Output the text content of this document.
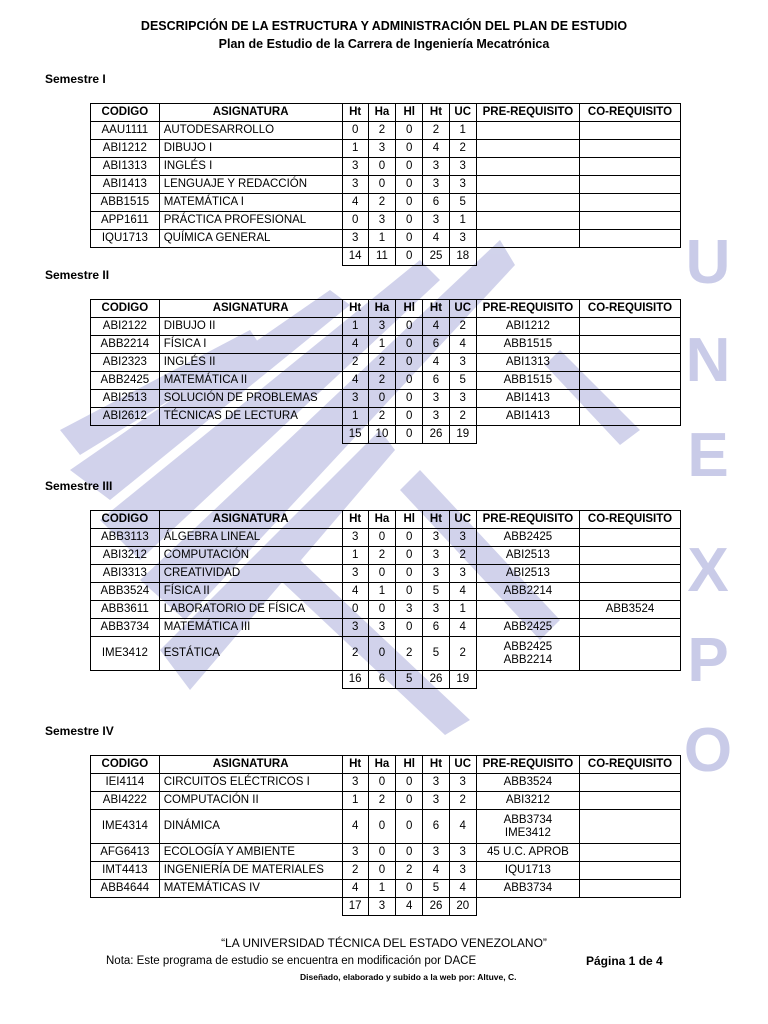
U
N
E
X
P
O
DESCRIPCIÓN DE LA ESTRUCTURA Y ADMINISTRACIÓN DEL PLAN DE ESTUDIO
Plan de Estudio de la Carrera de Ingeniería Mecatrónica
Semestre I
CODIGO	ASIGNATURA	Ht	Ha	Hl	Ht	UC	PRE-REQUISITO	CO-REQUISITO
AAU1111	AUTODESARROLLO	0	2	0	2	1		
ABI1212	DIBUJO I	1	3	0	4	2		
ABI1313	INGLÉS I	3	0	0	3	3		
ABI1413	LENGUAJE Y REDACCIÓN	3	0	0	3	3		
ABB1515	MATEMÁTICA I	4	2	0	6	5		
APP1611	PRÁCTICA PROFESIONAL	0	3	0	3	1		
IQU1713	QUÍMICA GENERAL	3	1	0	4	3		
		14	11	0	25	18		
Semestre II
CODIGO	ASIGNATURA	Ht	Ha	Hl	Ht	UC	PRE-REQUISITO	CO-REQUISITO
ABI2122	DIBUJO II	1	3	0	4	2	ABI1212	
ABB2214	FÍSICA I	4	1	0	6	4	ABB1515	
ABI2323	INGLÉS II	2	2	0	4	3	ABI1313	
ABB2425	MATEMÁTICA II	4	2	0	6	5	ABB1515	
ABI2513	SOLUCIÓN DE PROBLEMAS	3	0	0	3	3	ABI1413	
ABI2612	TÉCNICAS DE LECTURA	1	2	0	3	2	ABI1413	
		15	10	0	26	19		
Semestre III
CODIGO	ASIGNATURA	Ht	Ha	Hl	Ht	UC	PRE-REQUISITO	CO-REQUISITO
ABB3113	ÁLGEBRA LINEAL	3	0	0	3	3	ABB2425	
ABI3212	COMPUTACIÓN	1	2	0	3	2	ABI2513	
ABI3313	CREATIVIDAD	3	0	0	3	3	ABI2513	
ABB3524	FÍSICA II	4	1	0	5	4	ABB2214	
ABB3611	LABORATORIO DE FÍSICA	0	0	3	3	1		ABB3524
ABB3734	MATEMÁTICA III	3	3	0	6	4	ABB2425	
IME3412	ESTÁTICA	2	0	2	5	2	ABB2425
ABB2214	

		16	6	5	26	19		
Semestre IV
CODIGO	ASIGNATURA	Ht	Ha	Hl	Ht	UC	PRE-REQUISITO	CO-REQUISITO
IEI4114	CIRCUITOS ELÉCTRICOS I	3	0	0	3	3	ABB3524	
ABI4222	COMPUTACIÓN II	1	2	0	3	2	ABI3212	
IME4314	DINÁMICA	4	0	0	6	4	ABB3734
IME3412	

AFG6413	ECOLOGÍA Y AMBIENTE	3	0	0	3	3	45 U.C. APROB	
IMT4413	INGENIERÍA DE MATERIALES	2	0	2	4	3	IQU1713	
ABB4644	MATEMÁTICAS IV	4	1	0	5	4	ABB3734	
		17	3	4	26	20		
“LA UNIVERSIDAD TÉCNICA DEL ESTADO VENEZOLANO”
Nota: Este programa de estudio se encuentra en modificación por DACE	Página 1 de 4
Diseñado, elaborado y subido a la web por: Altuve, C.
